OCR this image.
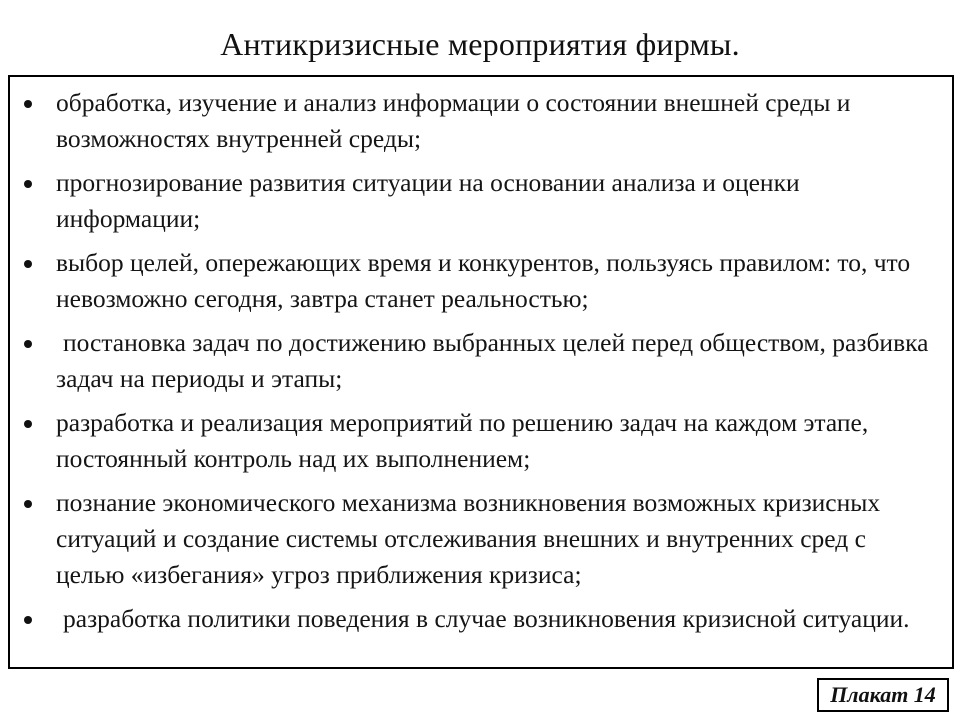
Антикризисные мероприятия фирмы.
обработка, изучение и анализ информации о состоянии внешней среды и возможностях внутренней среды;
прогнозирование развития ситуации на основании анализа и оценки информации;
выбор целей, опережающих время и конкурентов, пользуясь правилом: то, что невозможно сегодня, завтра станет реальностью;
постановка задач по достижению выбранных целей перед обществом, разбивка задач на периоды и этапы;
разработка и реализация мероприятий по решению задач на каждом этапе, постоянный контроль над их выполнением;
познание экономического механизма возникновения возможных кризисных ситуаций и создание системы отслеживания внешних и внутренних сред с целью «избегания» угроз приближения кризиса;
разработка политики поведения в случае возникновения кризисной ситуации.
Плакат 14
